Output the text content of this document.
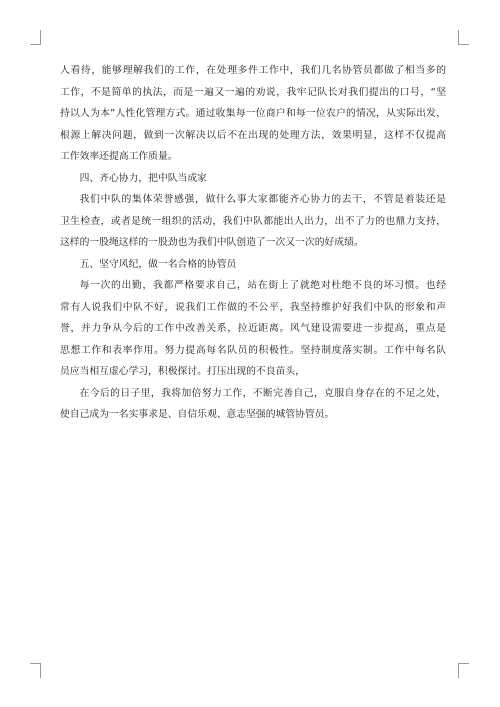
人看待，能够理解我们的工作，在处理多件工作中，我们几名协管员都做了相当多的
工作，不是简单的执法，而是一遍又一遍的劝说，我牢记队长对我们提出的口号，“坚
持以人为本”人性化管理方式。通过收集每一位商户和每一位农户的情况，从实际出发，
根源上解决问题，做到一次解决以后不在出现的处理方法，效果明显，这样不仅提高
工作效率还提高工作质量。
四、齐心协力，把中队当成家
我们中队的集体荣誉感强，做什么事大家都能齐心协力的去干，不管是着装还是
卫生检查，或者是统一组织的活动，我们中队都能出人出力，出不了力的也鼎力支持，
这样的一股绳这样的一股劲也为我们中队创造了一次又一次的好成绩。
五、坚守风纪，做一名合格的协管员
每一次的出勤，我都严格要求自己，站在街上了就绝对杜绝不良的坏习惯。也经
常有人说我们中队不好，说我们工作做的不公平，我坚持维护好我们中队的形象和声
誉，并力争从今后的工作中改善关系，拉近距离。风气建设需要进一步提高，重点是
思想工作和表率作用。努力提高每名队员的积极性。坚持制度落实制。工作中每名队
员应当相互虚心学习，积极探讨。打压出现的不良苗头，
在今后的日子里，我将加倍努力工作，不断完善自己，克服自身存在的不足之处，
使自己成为一名实事求是、自信乐观、意志坚强的城管协管员。
